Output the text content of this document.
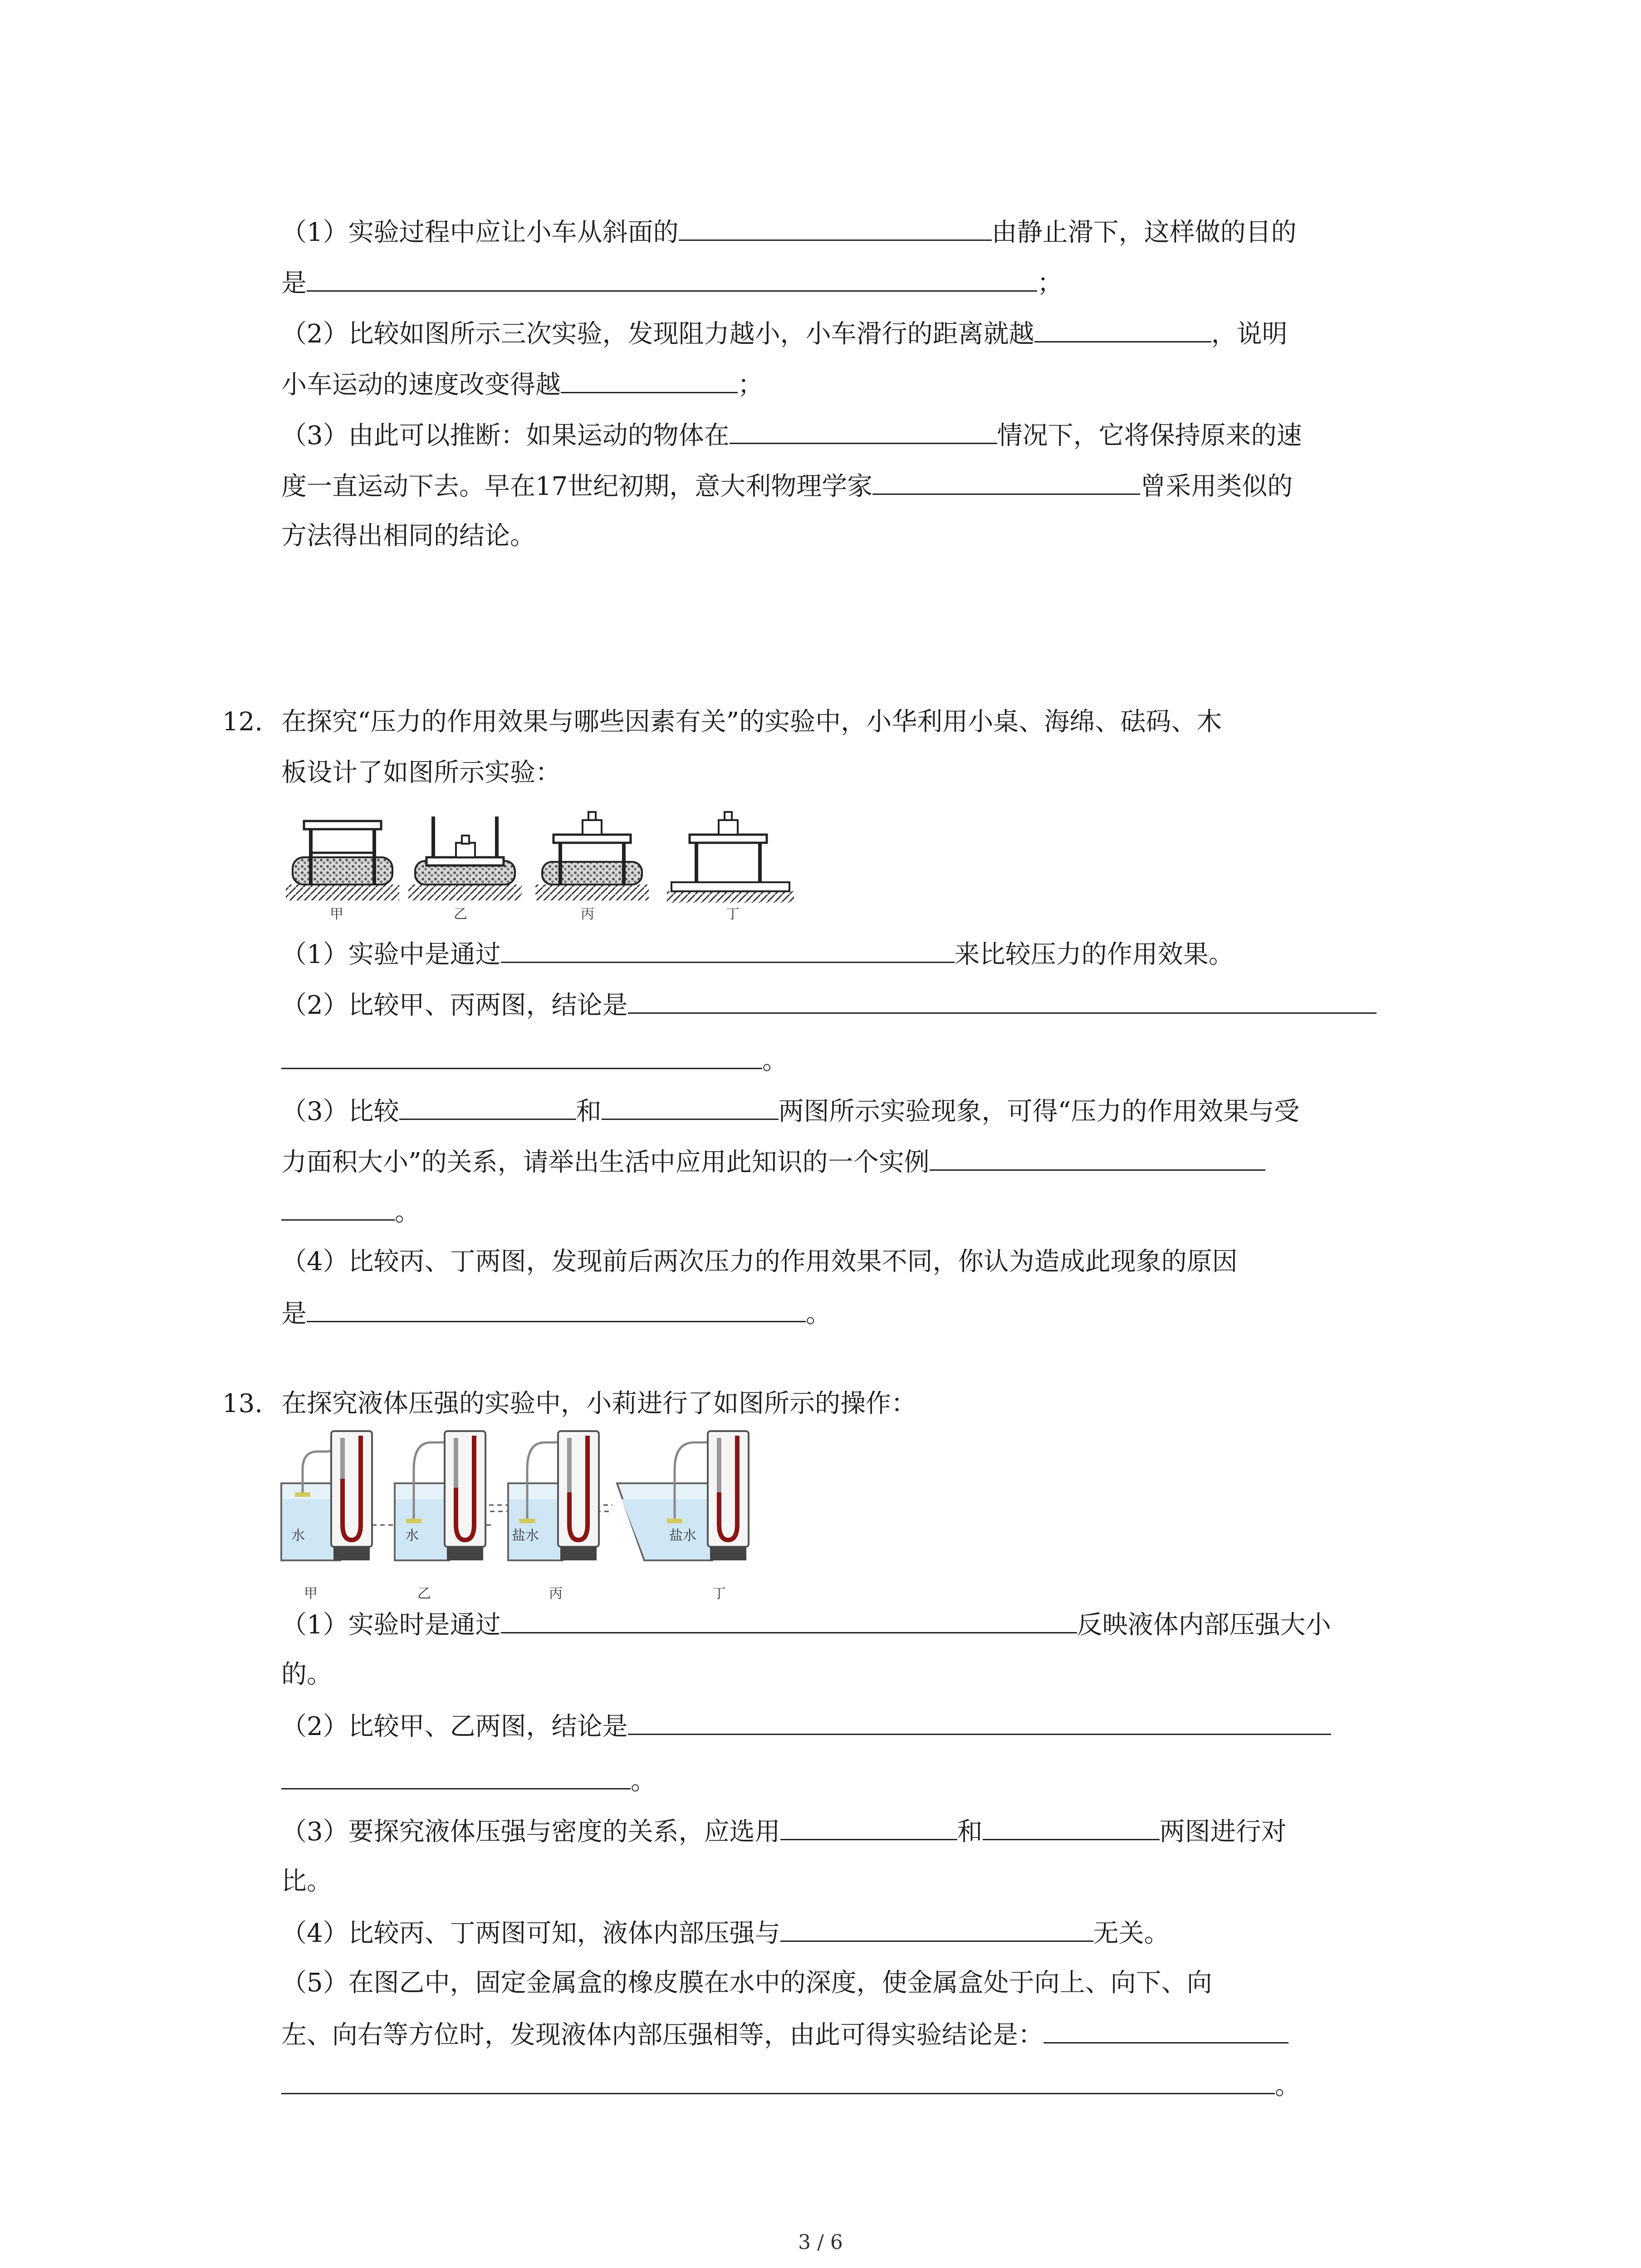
（1）实验过程中应让小车从斜面的	由静止滑下，这样做的目的
是	；
（2）比较如图所示三次实验，发现阻力越小，小车滑行的距离就越	，说明
小车运动的速度改变得越	；
（3）由此可以推断：如果运动的物体在	情况下，它将保持原来的速
度一直运动下去。早在17世纪初期，意大利物理学家	曾采用类似的
方法得出相同的结论。
12. 在探究“压力的作用效果与哪些因素有关”的实验中，小华利用小桌、海绵、砝码、木
板设计了如图所示实验：
甲	乙	丙	丁
（1）实验中是通过	来比较压力的作用效果。
（2）比较甲、丙两图，结论是
。
（3）比较	和	两图所示实验现象，可得“压力的作用效果与受
力面积大小”的关系，请举出生活中应用此知识的一个实例
。
（4）比较丙、丁两图，发现前后两次压力的作用效果不同，你认为造成此现象的原因
是	。
13. 在探究液体压强的实验中，小莉进行了如图所示的操作：
水	水	盐水	盐水
甲	乙	丙	丁
（1）实验时是通过	反映液体内部压强大小
的。
（2）比较甲、乙两图，结论是
。
（3）要探究液体压强与密度的关系，应选用	和	两图进行对
比。
（4）比较丙、丁两图可知，液体内部压强与	无关。
（5）在图乙中，固定金属盒的橡皮膜在水中的深度，使金属盒处于向上、向下、向
左、向右等方位时，发现液体内部压强相等，由此可得实验结论是：
。
3 / 6
